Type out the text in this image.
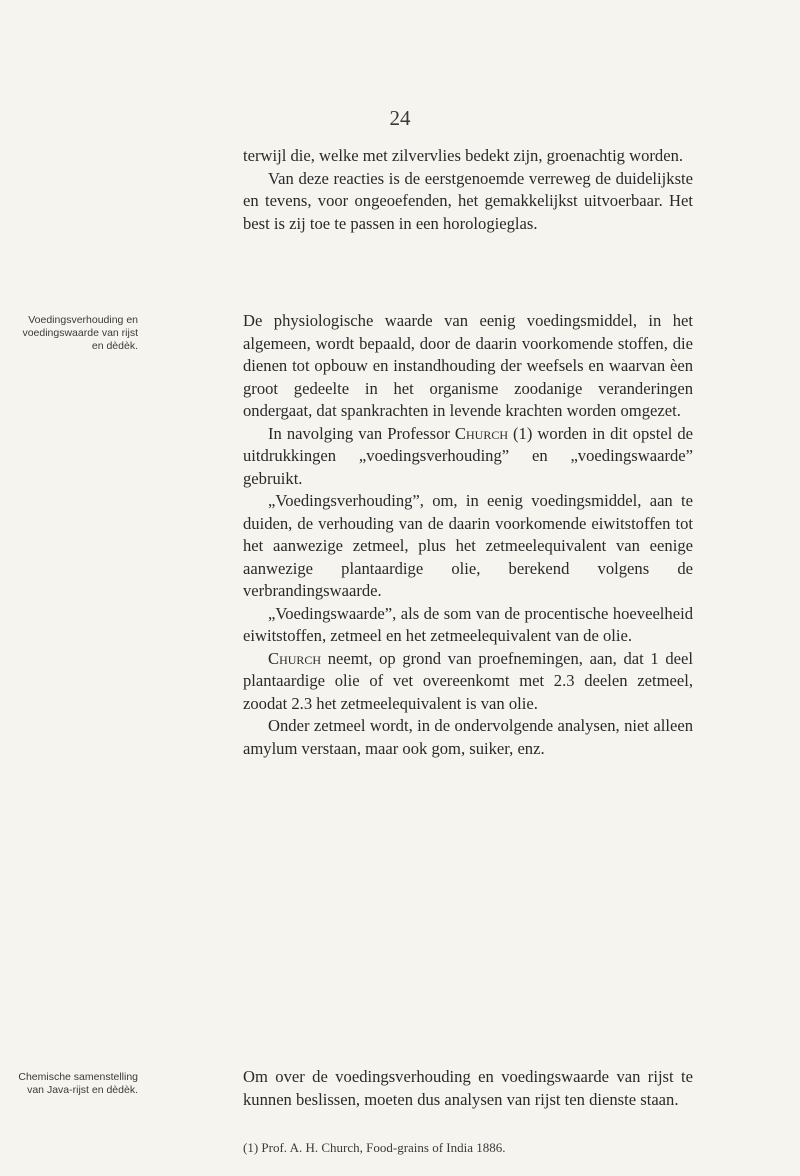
24

terwijl die, welke met zilvervlies bedekt zijn, groenachtig worden.

Van deze reacties is de eerstgenoemde verreweg de duidelijkste en tevens, voor ongeoefenden, het gemakkelijkst uitvoerbaar. Het best is zij toe te passen in een horologieglas.

Voedingsverhouding en voedingswaarde van rijst en dèdèk.

De physiologische waarde van eenig voedingsmiddel, in het algemeen, wordt bepaald, door de daarin voorkomende stoffen, die dienen tot opbouw en instandhouding der weefsels en waarvan èen groot gedeelte in het organisme zoodanige veranderingen ondergaat, dat spankrachten in levende krachten worden omgezet.

In navolging van Professor Church (1) worden in dit opstel de uitdrukkingen „voedingsverhouding” en „voedingswaarde” gebruikt.

„Voedingsverhouding”, om, in eenig voedingsmiddel, aan te duiden, de verhouding van de daarin voorkomende eiwitstoffen tot het aanwezige zetmeel, plus het zetmeelequivalent van eenige aanwezige plantaardige olie, berekend volgens de verbrandingswaarde.

„Voedingswaarde”, als de som van de procentische hoeveelheid eiwitstoffen, zetmeel en het zetmeelequivalent van de olie.

Church neemt, op grond van proefnemingen, aan, dat 1 deel plantaardige olie of vet overeenkomt met 2.3 deelen zetmeel, zoodat 2.3 het zetmeelequivalent is van olie.

Onder zetmeel wordt, in de ondervolgende analysen, niet alleen amylum verstaan, maar ook gom, suiker, enz.

Chemische samenstelling van Java-rijst en dèdèk.

Om over de voedingsverhouding en voedingswaarde van rijst te kunnen beslissen, moeten dus analysen van rijst ten dienste staan.

(1) Prof. A. H. Church, Food-grains of India 1886.
